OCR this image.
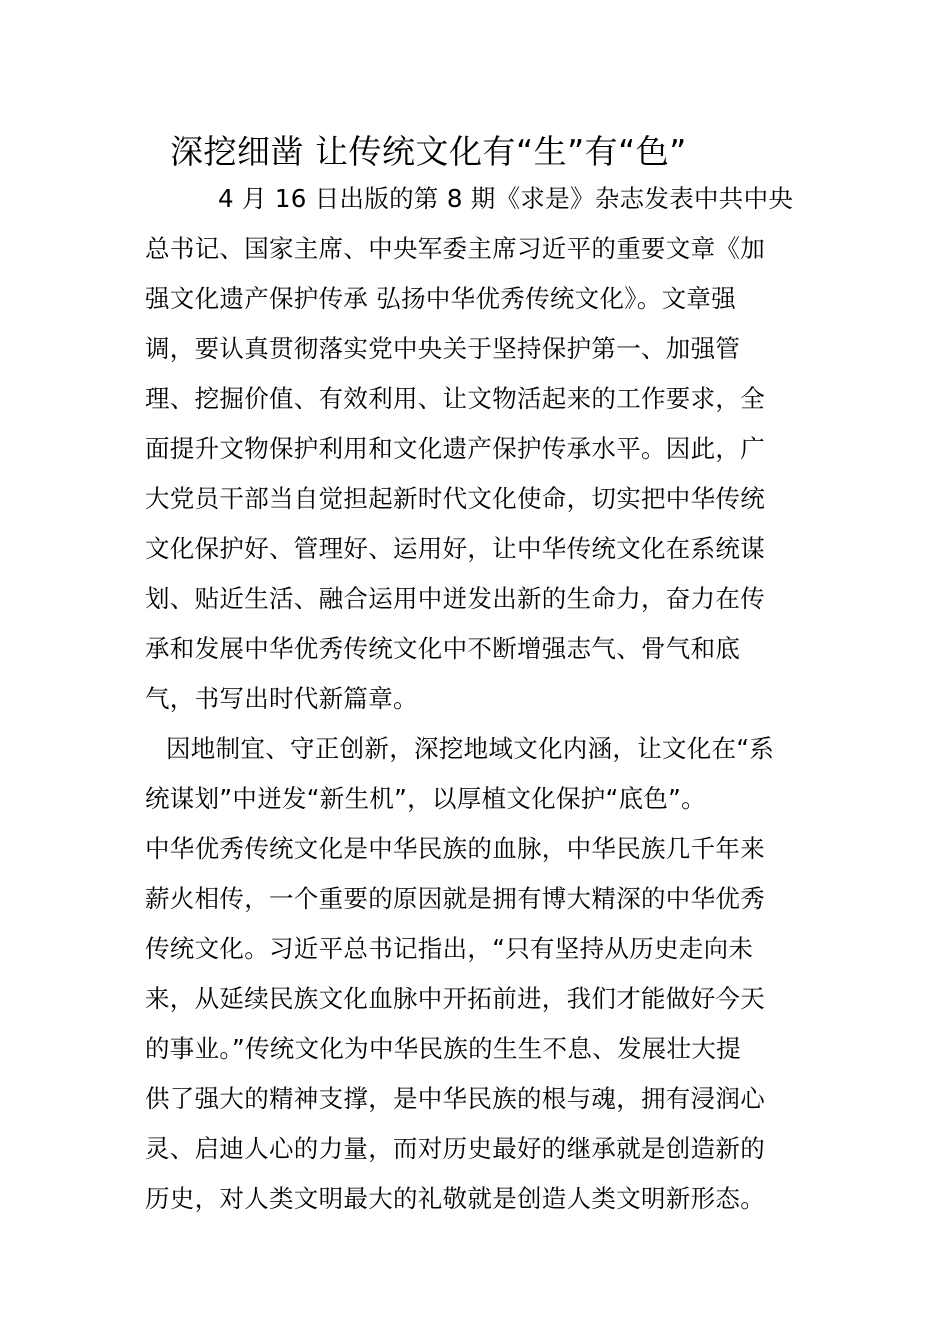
深挖细凿 让传统文化有“生”有“色”
4 月 16 日出版的第 8 期《求是》杂志发表中共中央
总书记、国家主席、中央军委主席习近平的重要文章《加
强文化遗产保护传承 弘扬中华优秀传统文化》。文章强
调，要认真贯彻落实党中央关于坚持保护第一、加强管
理、挖掘价值、有效利用、让文物活起来的工作要求，全
面提升文物保护利用和文化遗产保护传承水平。因此，广
大党员干部当自觉担起新时代文化使命，切实把中华传统
文化保护好、管理好、运用好，让中华传统文化在系统谋
划、贴近生活、融合运用中迸发出新的生命力，奋力在传
承和发展中华优秀传统文化中不断增强志气、骨气和底
气，书写出时代新篇章。
因地制宜、守正创新，深挖地域文化内涵，让文化在“系
统谋划”中迸发“新生机”，以厚植文化保护“底色”。
中华优秀传统文化是中华民族的血脉，中华民族几千年来
薪火相传，一个重要的原因就是拥有博大精深的中华优秀
传统文化。习近平总书记指出，“只有坚持从历史走向未
来，从延续民族文化血脉中开拓前进，我们才能做好今天
的事业。”传统文化为中华民族的生生不息、发展壮大提
供了强大的精神支撑，是中华民族的根与魂，拥有浸润心
灵、启迪人心的力量，而对历史最好的继承就是创造新的
历史，对人类文明最大的礼敬就是创造人类文明新形态。
